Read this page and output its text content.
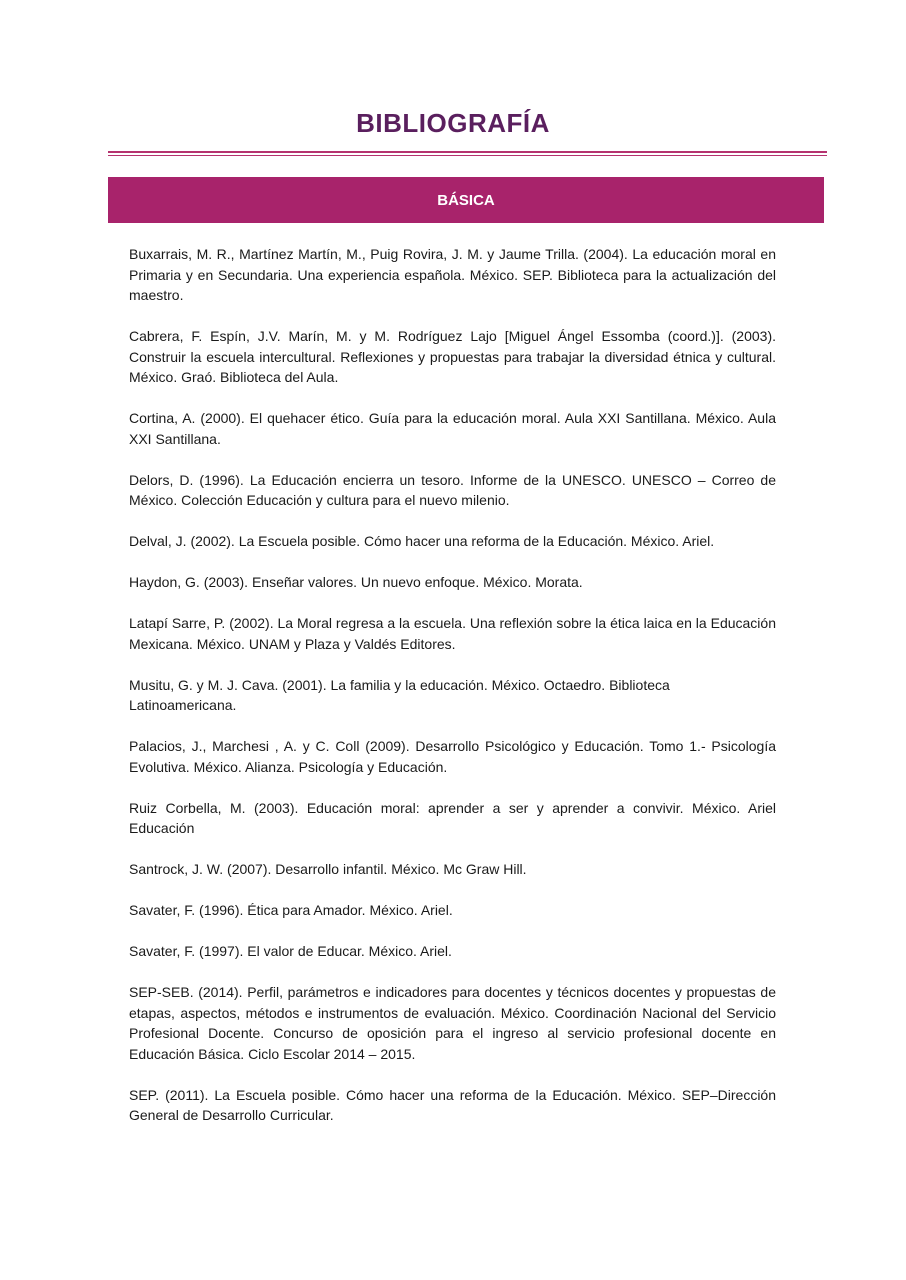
BIBLIOGRAFÍA
BÁSICA

Buxarrais, M. R., Martínez Martín, M., Puig Rovira, J. M. y Jaume Trilla. (2004). La educación moral en Primaria y en Secundaria. Una experiencia española. México. SEP. Biblioteca para la actualización del maestro.

Cabrera, F. Espín, J.V. Marín, M. y M. Rodríguez Lajo [Miguel Ángel Essomba (coord.)]. (2003). Construir la escuela intercultural. Reflexiones y propuestas para trabajar la diversidad étnica y cultural. México. Graó. Biblioteca del Aula.

Cortina, A. (2000). El quehacer ético. Guía para la educación moral. Aula XXI Santillana. México. Aula XXI Santillana.

Delors, D. (1996). La Educación encierra un tesoro. Informe de la UNESCO. UNESCO – Correo de México. Colección Educación y cultura para el nuevo milenio.

Delval, J. (2002). La Escuela posible. Cómo hacer una reforma de la Educación. México. Ariel.

Haydon, G. (2003). Enseñar valores. Un nuevo enfoque. México. Morata.

Latapí Sarre, P. (2002). La Moral regresa a la escuela. Una reflexión sobre la ética laica en la Educación Mexicana. México. UNAM y Plaza y Valdés Editores.

Musitu, G. y M. J. Cava. (2001). La familia y la educación. México. Octaedro. Biblioteca Latinoamericana.

Palacios, J., Marchesi , A. y C. Coll (2009). Desarrollo Psicológico y Educación. Tomo 1.- Psicología Evolutiva. México. Alianza. Psicología y Educación.

Ruiz Corbella, M. (2003). Educación moral: aprender a ser y aprender a convivir. México. Ariel Educación

Santrock, J. W. (2007). Desarrollo infantil. México. Mc Graw Hill.

Savater, F. (1996). Ética para Amador. México. Ariel.

Savater, F. (1997). El valor de Educar. México. Ariel.

SEP-SEB. (2014). Perfil, parámetros e indicadores para docentes y técnicos docentes y propuestas de etapas, aspectos, métodos e instrumentos de evaluación. México. Coordinación Nacional del Servicio Profesional Docente. Concurso de oposición para el ingreso al servicio profesional docente en Educación Básica. Ciclo Escolar 2014 – 2015.

SEP. (2011). La Escuela posible. Cómo hacer una reforma de la Educación. México. SEP–Dirección General de Desarrollo Curricular.
